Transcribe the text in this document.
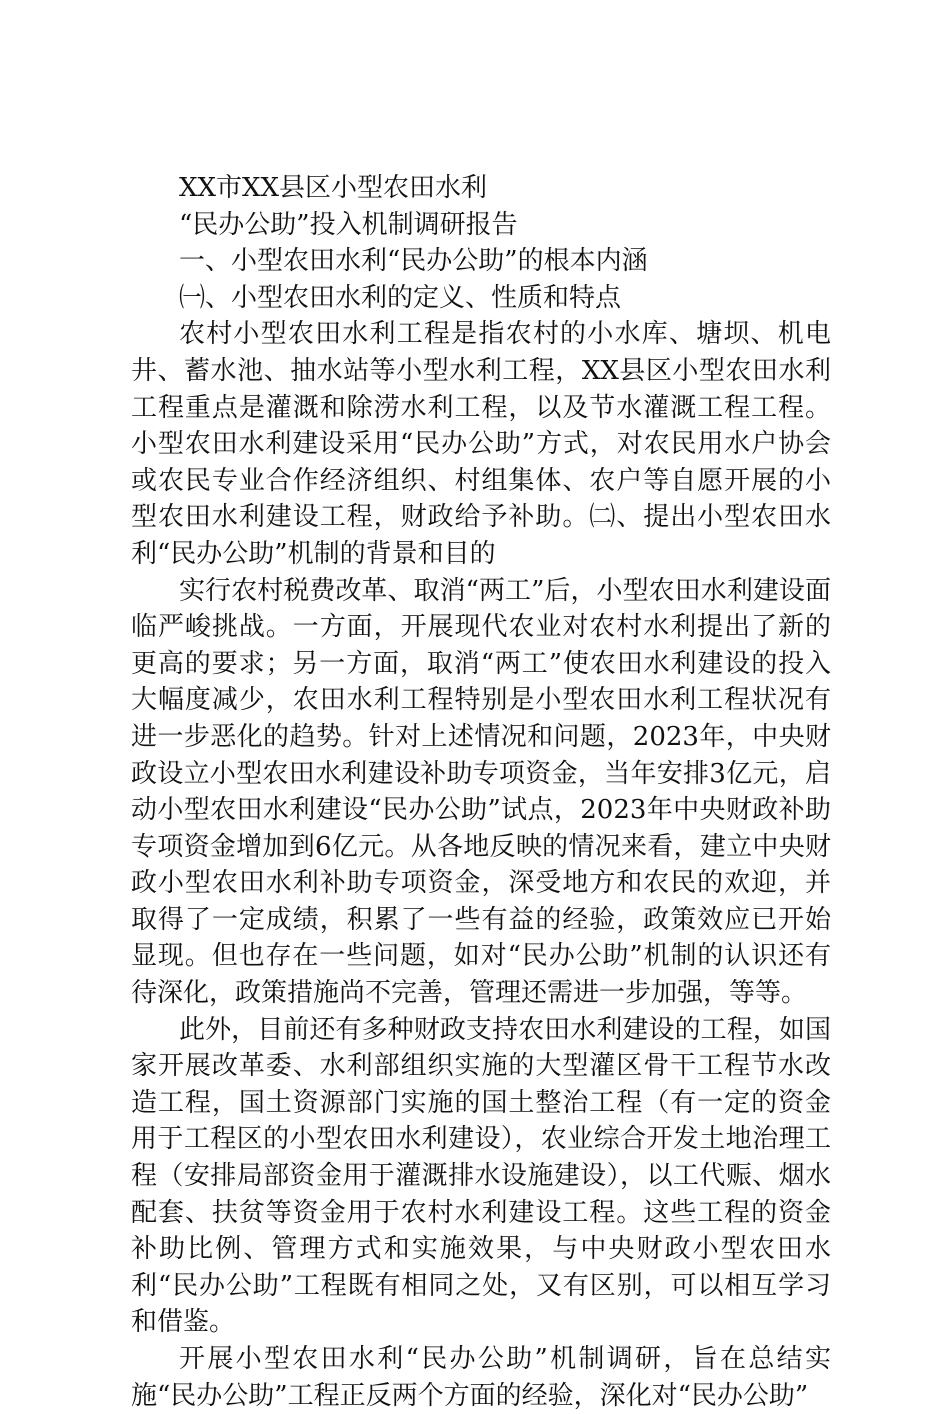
XX市XX县区小型农田水利
“民办公助”投入机制调研报告
一、小型农田水利“民办公助”的根本内涵
㈠、小型农田水利的定义、性质和特点

农村小型农田水利工程是指农村的小水库、塘坝、机电井、蓄水池、抽水站等小型水利工程，XX县区小型农田水利工程重点是灌溉和除涝水利工程，以及节水灌溉工程工程。小型农田水利建设采用“民办公助”方式，对农民用水户协会或农民专业合作经济组织、村组集体、农户等自愿开展的小型农田水利建设工程，财政给予补助。㈡、提出小型农田水利“民办公助”机制的背景和目的

实行农村税费改革、取消“两工”后，小型农田水利建设面临严峻挑战。一方面，开展现代农业对农村水利提出了新的更高的要求；另一方面，取消“两工”使农田水利建设的投入大幅度减少，农田水利工程特别是小型农田水利工程状况有进一步恶化的趋势。针对上述情况和问题，2023年，中央财政设立小型农田水利建设补助专项资金，当年安排3亿元，启动小型农田水利建设“民办公助”试点，2023年中央财政补助专项资金增加到6亿元。从各地反映的情况来看，建立中央财政小型农田水利补助专项资金，深受地方和农民的欢迎，并取得了一定成绩，积累了一些有益的经验，政策效应已开始显现。但也存在一些问题，如对“民办公助”机制的认识还有待深化，政策措施尚不完善，管理还需进一步加强，等等。

此外，目前还有多种财政支持农田水利建设的工程，如国家开展改革委、水利部组织实施的大型灌区骨干工程节水改造工程，国土资源部门实施的国土整治工程（有一定的资金用于工程区的小型农田水利建设），农业综合开发土地治理工程（安排局部资金用于灌溉排水设施建设），以工代赈、烟水配套、扶贫等资金用于农村水利建设工程。这些工程的资金补助比例、管理方式和实施效果，与中央财政小型农田水利“民办公助”工程既有相同之处，又有区别，可以相互学习和借鉴。

开展小型农田水利“民办公助”机制调研，旨在总结实施“民办公助”工程正反两个方面的经验，深化对“民办公助”
